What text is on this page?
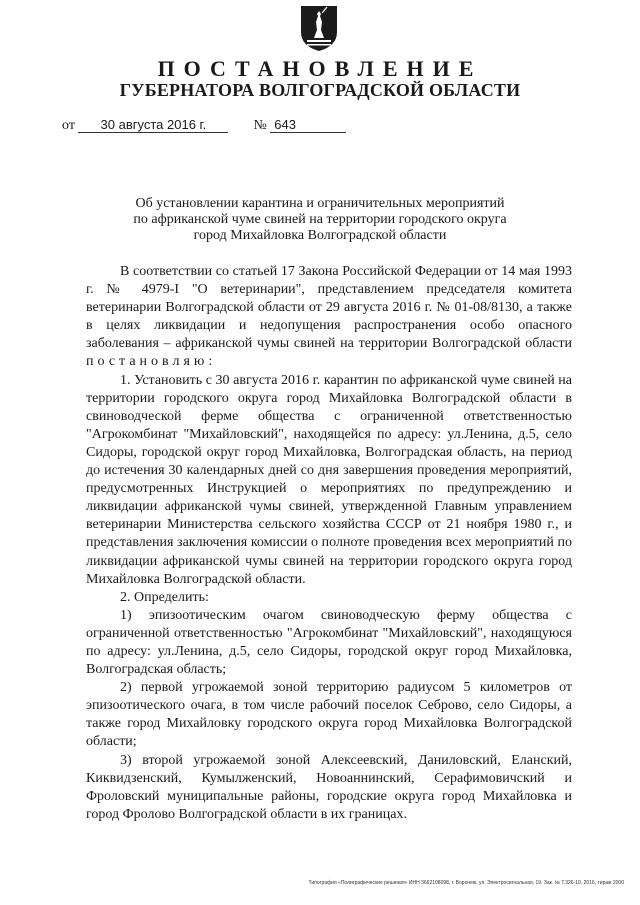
ПОСТАНОВЛЕНИЕ
ГУБЕРНАТОРА ВОЛГОГРАДСКОЙ ОБЛАСТИ
от 30 августа 2016 г.	№ 643
Об установлении карантина и ограничительных мероприятий
по африканской чуме свиней на территории городского округа
город Михайловка Волгоградской области

В соответствии со статьей 17 Закона Российской Федерации от 14 мая 1993 г. № 4979-I "О ветеринарии", представлением председателя комитета ветеринарии Волгоградской области от 29 августа 2016 г. № 01-08/8130, а также в целях ликвидации и недопущения распространения особо опасного заболевания – африканской чумы свиней на территории Волгоградской области постановляю:

1. Установить с 30 августа 2016 г. карантин по африканской чуме свиней на территории городского округа город Михайловка Волгоградской области в свиноводческой ферме общества с ограниченной ответственностью "Агрокомбинат "Михайловский", находящейся по адресу: ул.Ленина, д.5, село Сидоры, городской округ город Михайловка, Волгоградская область, на период до истечения 30 календарных дней со дня завершения проведения мероприятий, предусмотренных Инструкцией о мероприятиях по предупреждению и ликвидации африканской чумы свиней, утвержденной Главным управлением ветеринарии Министерства сельского хозяйства СССР от 21 ноября 1980 г., и представления заключения комиссии о полноте проведения всех мероприятий по ликвидации африканской чумы свиней на территории городского округа город Михайловка Волгоградской области.

2. Определить:

1) эпизоотическим очагом свиноводческую ферму общества с ограниченной ответственностью "Агрокомбинат "Михайловский", находящуюся по адресу: ул.Ленина, д.5, село Сидоры, городской округ город Михайловка, Волгоградская область;

2) первой угрожаемой зоной территорию радиусом 5 километров от эпизоотического очага, в том числе рабочий поселок Себрово, село Сидоры, а также город Михайловку городского округа город Михайловка Волгоградской области;

3) второй угрожаемой зоной Алексеевский, Даниловский, Еланский, Киквидзенский, Кумылженский, Новоаннинский, Серафимовичский и Фроловский муниципальные районы, городские округа город Михайловка и город Фролово Волгоградской области в их границах.

Типография «Полиграфические решения» ИНН 3662108098, г. Воронеж, ул. Электросигнальная, 19. Зак. № Т.326-10, 2016, тираж 2000
